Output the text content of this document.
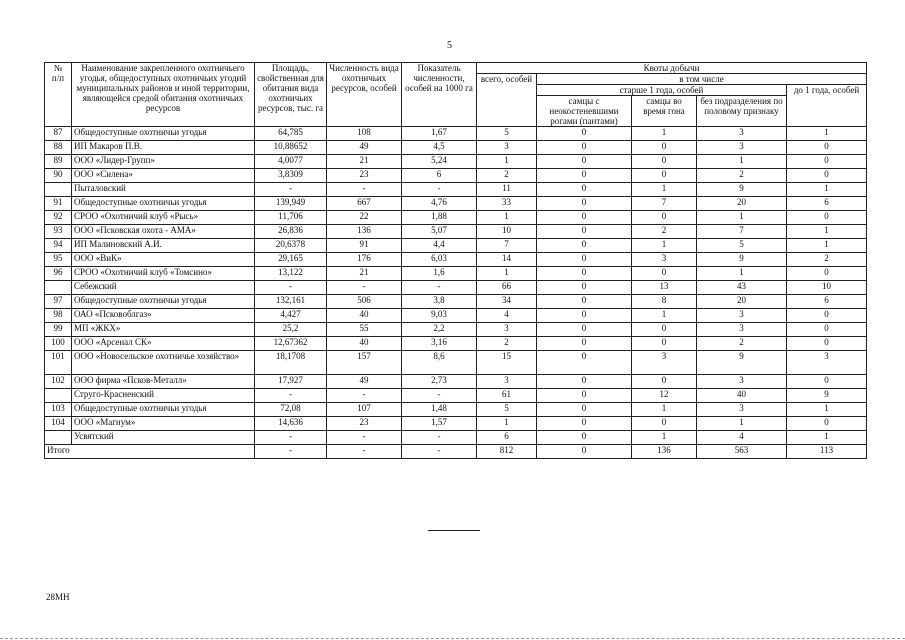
5
№
п/п	Наименование закрепленного охотничьего угодья, общедоступных охотничьих угодий муниципальных районов и иной территории, являющейся средой обитания охотничьих ресурсов	Площадь, свойственная для обитания вида охотничьих ресурсов, тыс. га	Численность вида охотничьих ресурсов, особей	Показатель численности, особей на 1000 га	Квоты добычи				
					всего, особей	в том числе			
						старше 1 года, особей			до 1 года, особей
						самцы с неокостеневшими рогами (пантами)	самцы во время гона	без подразделения по половому признаку	
87	Общедоступные охотничьи угодья	64,785	108	1,67	5	0	1	3	1
88	ИП Макаров П.В.	10,88652	49	4,5	3	0	0	3	0
89	ООО «Лидер-Групп»	4,0077	21	5,24	1	0	0	1	0
90	ООО «Силена»	3,8309	23	6	2	0	0	2	0
	Пыталовский	-	-	-	11	0	1	9	1
91	Общедоступные охотничьи угодья	139,949	667	4,76	33	0	7	20	6
92	СРОО «Охотничий клуб «Рысь»	11,706	22	1,88	1	0	0	1	0
93	ООО «Псковская охота - АМА»	26,836	136	5,07	10	0	2	7	1
94	ИП Малиновский А.И.	20,6378	91	4,4	7	0	1	5	1
95	ООО «ВиК»	29,165	176	6,03	14	0	3	9	2
96	СРОО «Охотничий клуб «Томсино»	13,122	21	1,6	1	0	0	1	0
	Себежский	-	-	-	66	0	13	43	10
97	Общедоступные охотничьи угодья	132,161	506	3,8	34	0	8	20	6
98	ОАО «Псковоблгаз»	4,427	40	9,03	4	0	1	3	0
99	МП «ЖКХ»	25,2	55	2,2	3	0	0	3	0
100	ООО «Арсенал СК»	12,67362	40	3,16	2	0	0	2	0
101	ООО «Новосельское охотничье хозяйство»	18,1708	157	8,6	15	0	3	9	3
102	ООО фирма «Псков-Металл»	17,927	49	2,73	3	0	0	3	0
	Струго-Красненский	-	-	-	61	0	12	40	9
103	Общедоступные охотничьи угодья	72,08	107	1,48	5	0	1	3	1
104	ООО «Магнум»	14,636	23	1,57	1	0	0	1	0
	Усвятский	-	-	-	6	0	1	4	1
Итого		-	-	-	812	0	136	563	113
28МН
